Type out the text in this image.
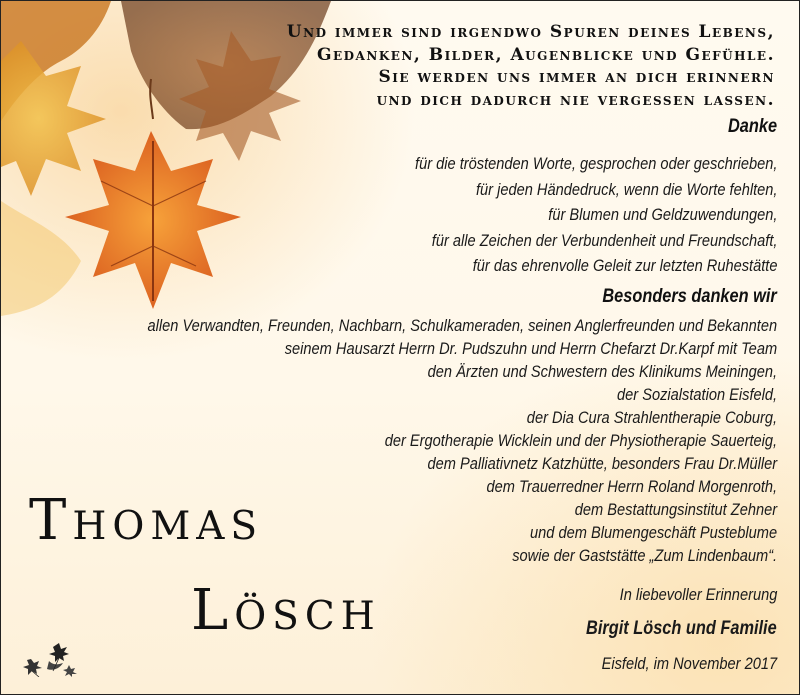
Und immer sind irgendwo Spuren deines Lebens,
Gedanken, Bilder, Augenblicke und Gefühle.
Sie werden uns immer an dich erinnern
und dich dadurch nie vergessen lassen.

Danke
für die tröstenden Worte, gesprochen oder geschrieben,
für jeden Händedruck, wenn die Worte fehlten,
für Blumen und Geldzuwendungen,
für alle Zeichen der Verbundenheit und Freundschaft,
für das ehrenvolle Geleit zur letzten Ruhestätte
Besonders danken wir
allen Verwandten, Freunden, Nachbarn, Schulkameraden, seinen Anglerfreunden und Bekannten
seinem Hausarzt Herrn Dr. Pudszuhn und Herrn Chefarzt Dr.Karpf mit Team
den Ärzten und Schwestern des Klinikums Meiningen,
der Sozialstation Eisfeld,
der Dia Cura Strahlentherapie Coburg,
der Ergotherapie Wicklein und der Physiotherapie Sauerteig,
dem Palliativnetz Katzhütte, besonders Frau Dr.Müller
dem Trauerredner Herrn Roland Morgenroth,
dem Bestattungsinstitut Zehner
und dem Blumengeschäft Pusteblume
sowie der Gaststätte „Zum Lindenbaum“.

Thomas

Lösch	In liebevoller Erinnerung

Birgit Lösch und Familie

Eisfeld, im November 2017
